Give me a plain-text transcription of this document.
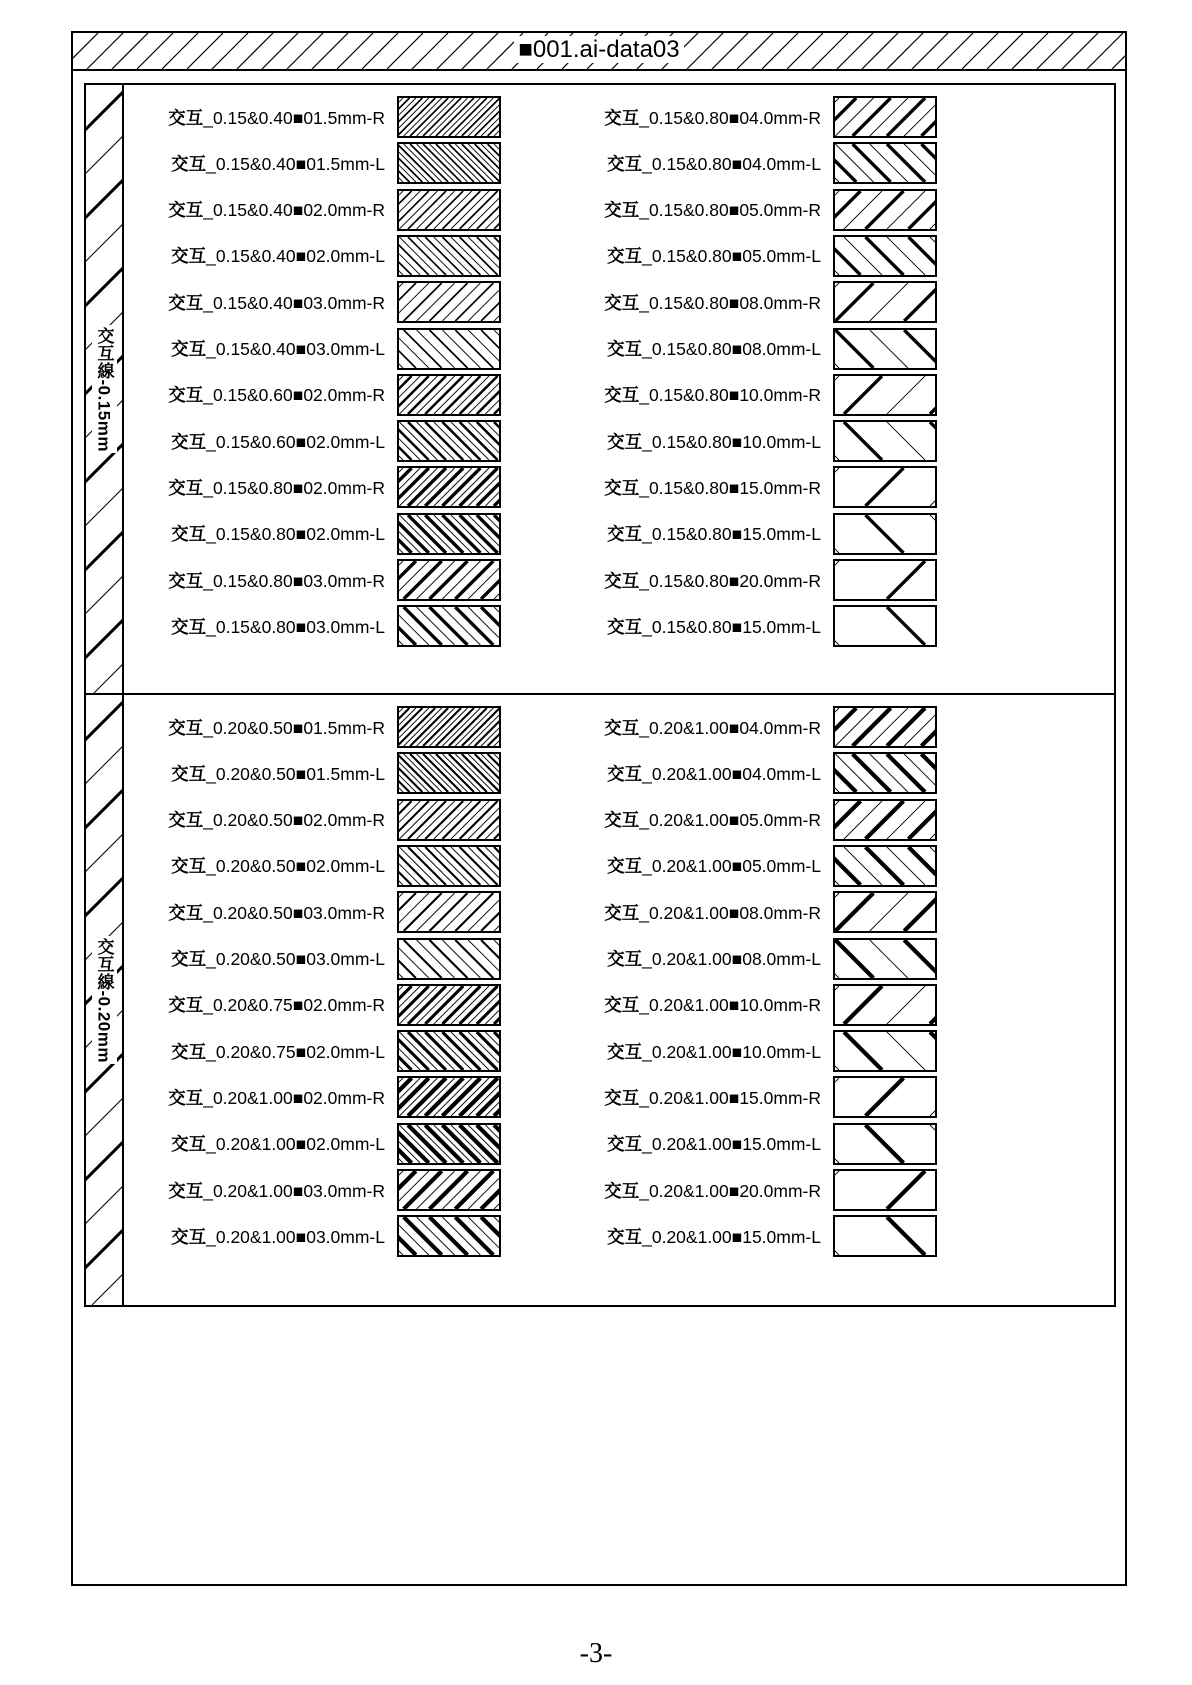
■001.ai-data03
交互線-0.15mm
交互_0.15&0.40■01.5mm-R	交互_0.15&0.80■04.0mm-R
交互_0.15&0.40■01.5mm-L	交互_0.15&0.80■04.0mm-L
交互_0.15&0.40■02.0mm-R	交互_0.15&0.80■05.0mm-R
交互_0.15&0.40■02.0mm-L	交互_0.15&0.80■05.0mm-L
交互_0.15&0.40■03.0mm-R	交互_0.15&0.80■08.0mm-R
交互_0.15&0.40■03.0mm-L	交互_0.15&0.80■08.0mm-L
交互_0.15&0.60■02.0mm-R	交互_0.15&0.80■10.0mm-R
交互_0.15&0.60■02.0mm-L	交互_0.15&0.80■10.0mm-L
交互_0.15&0.80■02.0mm-R	交互_0.15&0.80■15.0mm-R
交互_0.15&0.80■02.0mm-L	交互_0.15&0.80■15.0mm-L
交互_0.15&0.80■03.0mm-R	交互_0.15&0.80■20.0mm-R
交互_0.15&0.80■03.0mm-L	交互_0.15&0.80■15.0mm-L
交互線-0.20mm
交互_0.20&0.50■01.5mm-R	交互_0.20&1.00■04.0mm-R
交互_0.20&0.50■01.5mm-L	交互_0.20&1.00■04.0mm-L
交互_0.20&0.50■02.0mm-R	交互_0.20&1.00■05.0mm-R
交互_0.20&0.50■02.0mm-L	交互_0.20&1.00■05.0mm-L
交互_0.20&0.50■03.0mm-R	交互_0.20&1.00■08.0mm-R
交互_0.20&0.50■03.0mm-L	交互_0.20&1.00■08.0mm-L
交互_0.20&0.75■02.0mm-R	交互_0.20&1.00■10.0mm-R
交互_0.20&0.75■02.0mm-L	交互_0.20&1.00■10.0mm-L
交互_0.20&1.00■02.0mm-R	交互_0.20&1.00■15.0mm-R
交互_0.20&1.00■02.0mm-L	交互_0.20&1.00■15.0mm-L
交互_0.20&1.00■03.0mm-R	交互_0.20&1.00■20.0mm-R
交互_0.20&1.00■03.0mm-L	交互_0.20&1.00■15.0mm-L
-3-
